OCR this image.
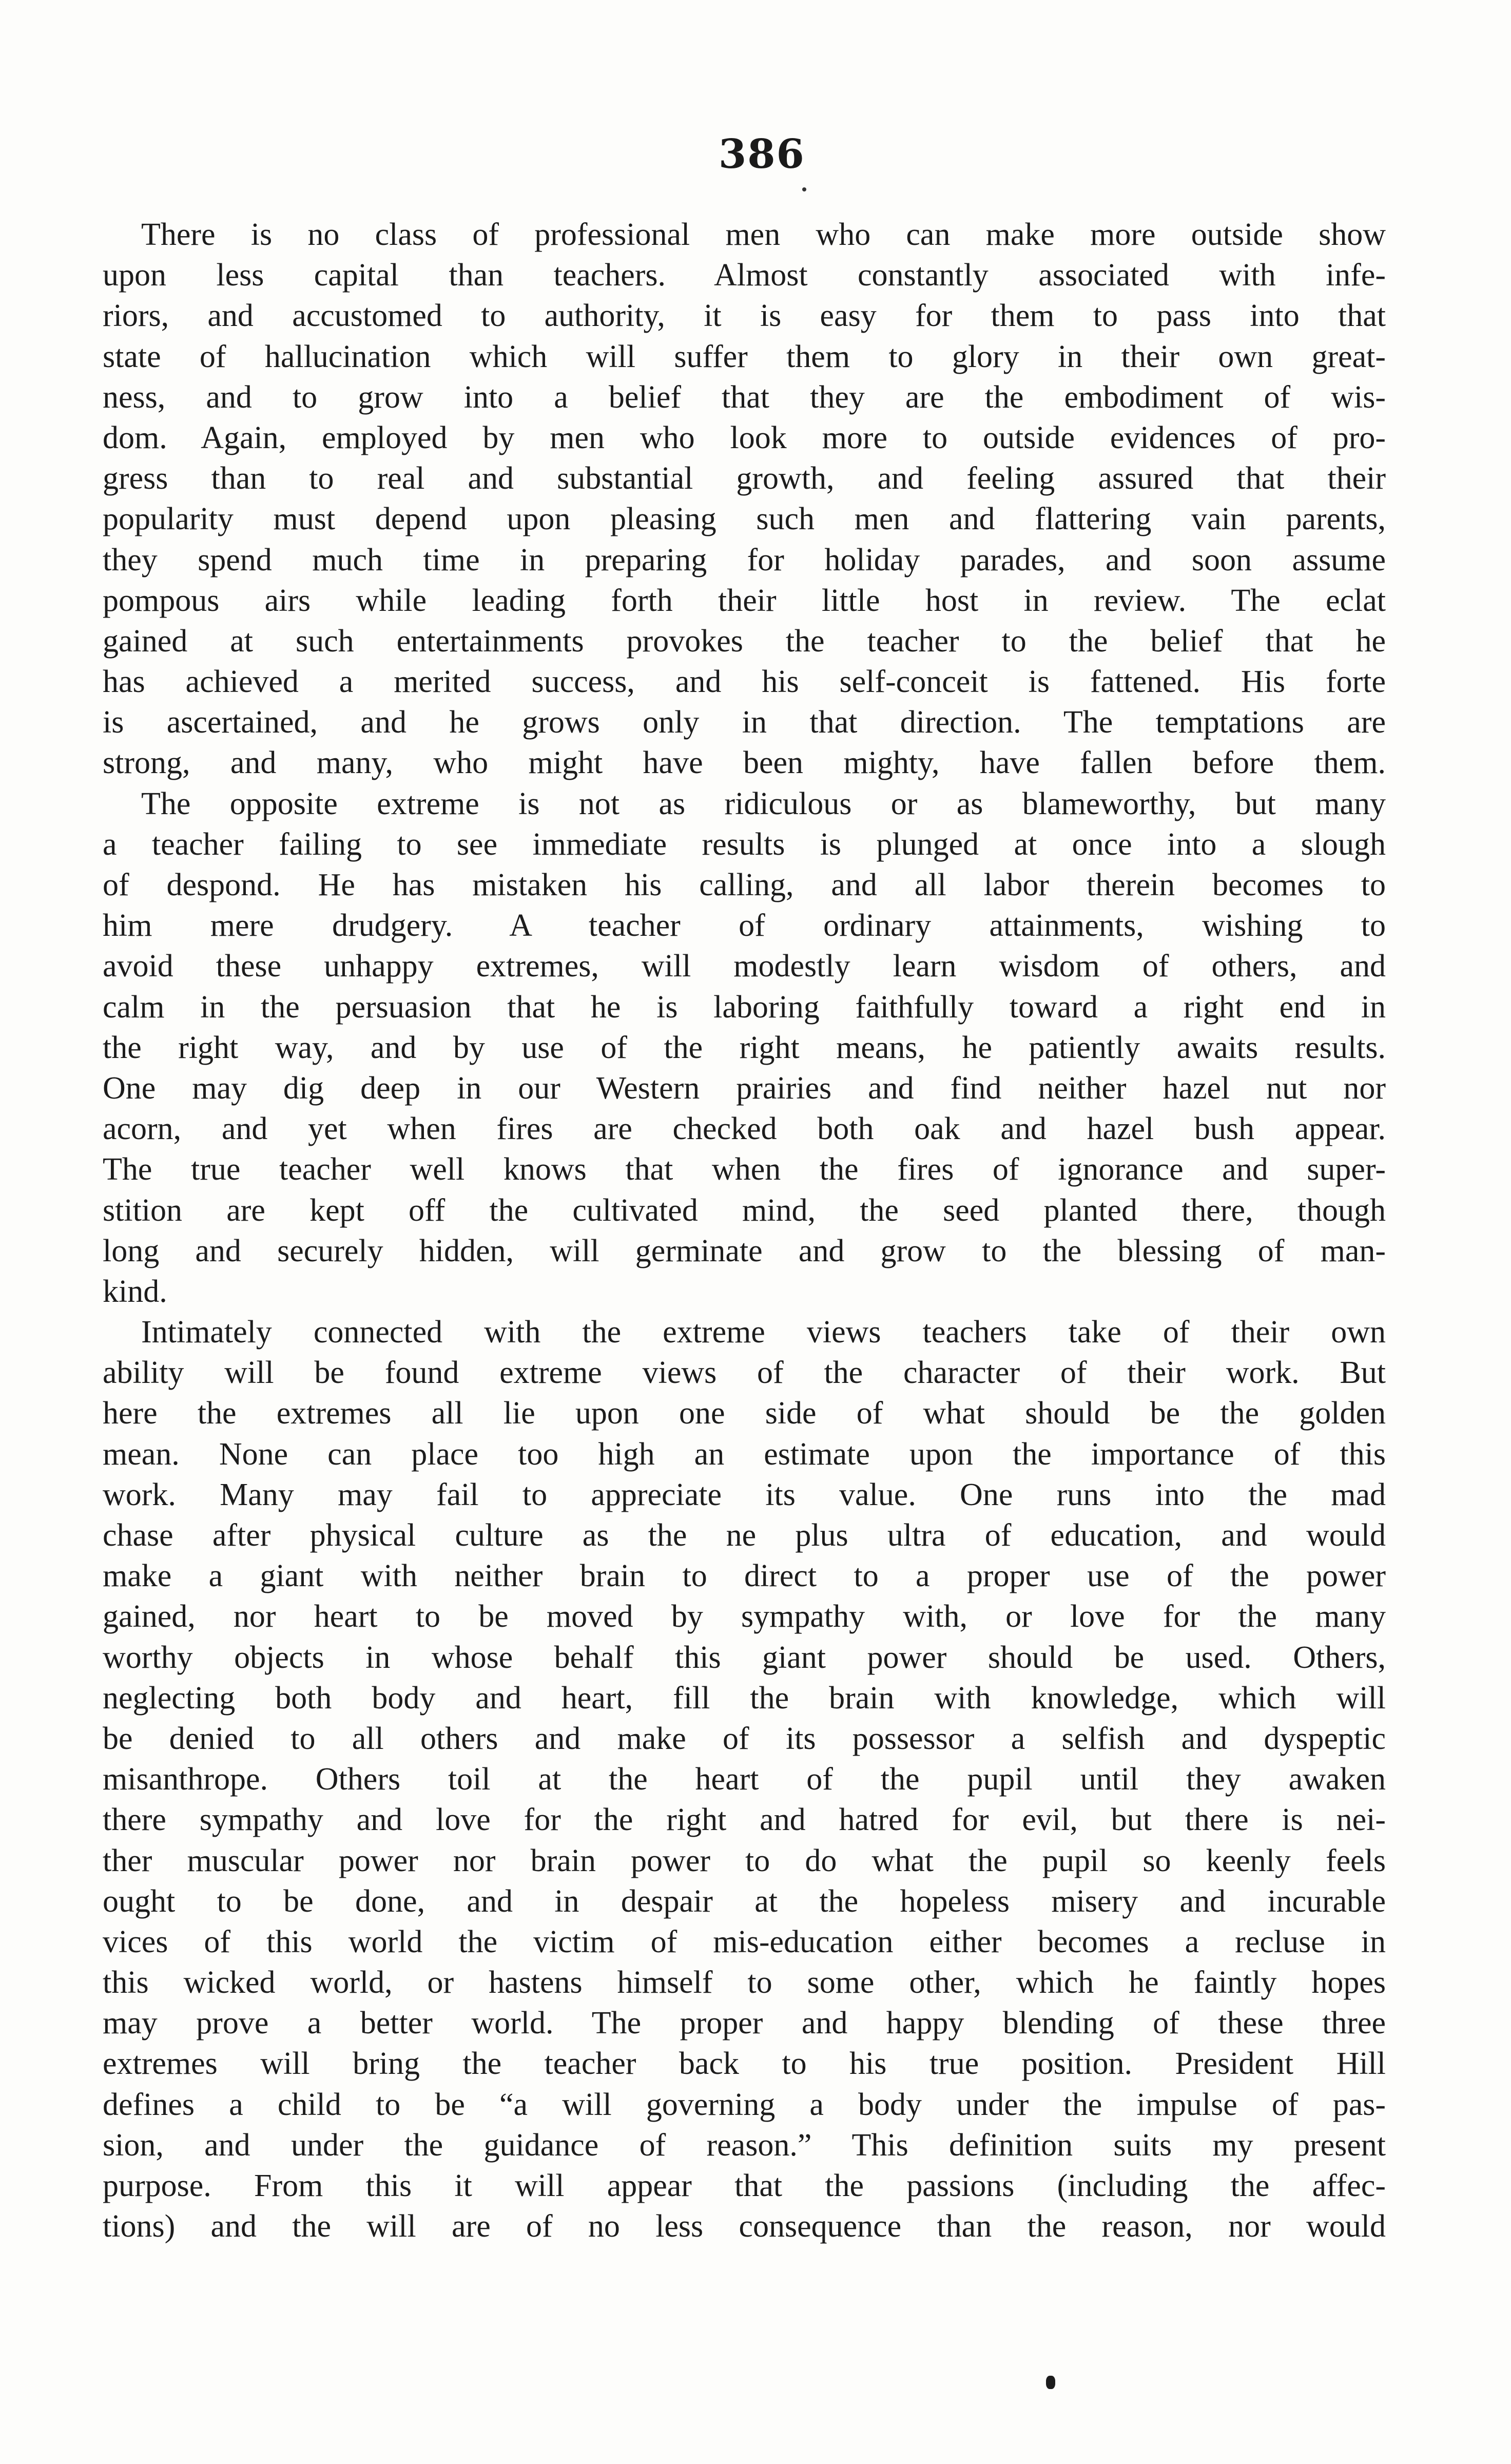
386
There is no class of professional men who can make more outside show
upon less capital than teachers. Almost constantly associated with infe-
riors, and accustomed to authority, it is easy for them to pass into that
state of hallucination which will suffer them to glory in their own great-
ness, and to grow into a belief that they are the embodiment of wis-
dom. Again, employed by men who look more to outside evidences of pro-
gress than to real and substantial growth, and feeling assured that their
popularity must depend upon pleasing such men and flattering vain parents,
they spend much time in preparing for holiday parades, and soon assume
pompous airs while leading forth their little host in review. The eclat
gained at such entertainments provokes the teacher to the belief that he
has achieved a merited success, and his self-conceit is fattened. His forte
is ascertained, and he grows only in that direction. The temptations are
strong, and many, who might have been mighty, have fallen before them.
The opposite extreme is not as ridiculous or as blameworthy, but many
a teacher failing to see immediate results is plunged at once into a slough
of despond. He has mistaken his calling, and all labor therein becomes to
him mere drudgery. A teacher of ordinary attainments, wishing to
avoid these unhappy extremes, will modestly learn wisdom of others, and
calm in the persuasion that he is laboring faithfully toward a right end in
the right way, and by use of the right means, he patiently awaits results.
One may dig deep in our Western prairies and find neither hazel nut nor
acorn, and yet when fires are checked both oak and hazel bush appear.
The true teacher well knows that when the fires of ignorance and super-
stition are kept off the cultivated mind, the seed planted there, though
long and securely hidden, will germinate and grow to the blessing of man-
kind.
Intimately connected with the extreme views teachers take of their own
ability will be found extreme views of the character of their work. But
here the extremes all lie upon one side of what should be the golden
mean. None can place too high an estimate upon the importance of this
work. Many may fail to appreciate its value. One runs into the mad
chase after physical culture as the ne plus ultra of education, and would
make a giant with neither brain to direct to a proper use of the power
gained, nor heart to be moved by sympathy with, or love for the many
worthy objects in whose behalf this giant power should be used. Others,
neglecting both body and heart, fill the brain with knowledge, which will
be denied to all others and make of its possessor a selfish and dyspeptic
misanthrope. Others toil at the heart of the pupil until they awaken
there sympathy and love for the right and hatred for evil, but there is nei-
ther muscular power nor brain power to do what the pupil so keenly feels
ought to be done, and in despair at the hopeless misery and incurable
vices of this world the victim of mis-education either becomes a recluse in
this wicked world, or hastens himself to some other, which he faintly hopes
may prove a better world. The proper and happy blending of these three
extremes will bring the teacher back to his true position. President Hill
defines a child to be “a will governing a body under the impulse of pas-
sion, and under the guidance of reason.” This definition suits my present
purpose. From this it will appear that the passions (including the affec-
tions) and the will are of no less consequence than the reason, nor would
